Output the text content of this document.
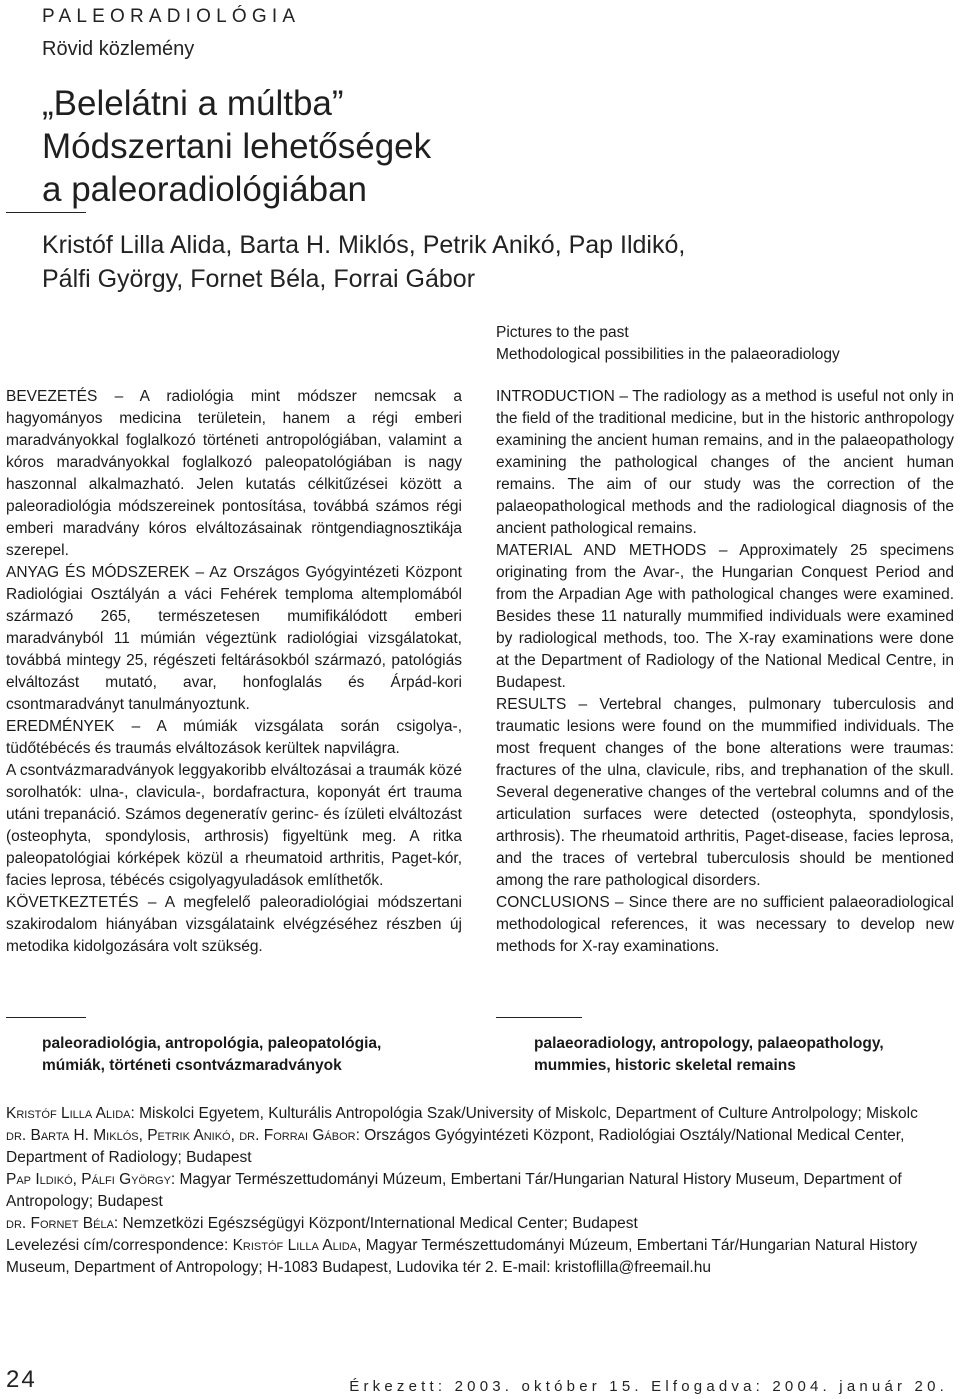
PALEORADIOLÓGIA
Rövid közlemény
„Belelátni a múltba”
Módszertani lehetőségek
a paleoradiológiában
Kristóf Lilla Alida, Barta H. Miklós, Petrik Anikó, Pap Ildikó,
Pálfi György, Fornet Béla, Forrai Gábor
Pictures to the past
Methodological possibilities in the palaeoradiology

BEVEZETÉS – A radiológia mint módszer nemcsak a hagyományos medicina területein, hanem a régi emberi maradványokkal foglalkozó történeti antropológiában, valamint a kóros maradványokkal foglalkozó paleopatológiában is nagy haszonnal alkalmazható. Jelen kutatás célkitűzései között a paleoradiológia módszereinek pontosítása, továbbá számos régi emberi maradvány kóros elváltozásainak röntgendiagnosztikája szerepel.

ANYAG ÉS MÓDSZEREK – Az Országos Gyógyintézeti Központ Radiológiai Osztályán a váci Fehérek temploma altemplomából származó 265, természetesen mumifikálódott emberi maradványból 11 múmián végeztünk radiológiai vizsgálatokat, továbbá mintegy 25, régészeti feltárásokból származó, patológiás elváltozást mutató, avar, honfoglalás és Árpád-kori csontmaradványt tanulmányoztunk.

EREDMÉNYEK – A múmiák vizsgálata során csigolya-, tüdőtébécés és traumás elváltozások kerültek napvilágra.

A csontvázmaradványok leggyakoribb elváltozásai a traumák közé sorolhatók: ulna-, clavicula-, bordafractura, koponyát ért trauma utáni trepanáció. Számos degeneratív gerinc- és ízületi elváltozást (osteophyta, spondylosis, arthrosis) figyeltünk meg. A ritka paleopatológiai kórképek közül a rheumatoid arthritis, Paget-kór, facies leprosa, tébécés csigolyagyuladások említhetők.

KÖVETKEZTETÉS – A megfelelő paleoradiológiai módszertani szakirodalom hiányában vizsgálataink elvégzéséhez részben új metodika kidolgozására volt szükség.

INTRODUCTION – The radiology as a method is useful not only in the field of the traditional medicine, but in the historic anthropology examining the ancient human remains, and in the palaeopathology examining the pathological changes of the ancient human remains. The aim of our study was the correction of the palaeopathological methods and the radiological diagnosis of the ancient pathological remains.

MATERIAL AND METHODS – Approximately 25 specimens originating from the Avar-, the Hungarian Conquest Period and from the Arpadian Age with pathological changes were examined. Besides these 11 naturally mummified individuals were examined by radiological methods, too. The X-ray examinations were done at the Department of Radiology of the National Medical Centre, in Budapest.

RESULTS – Vertebral changes, pulmonary tuberculosis and traumatic lesions were found on the mummified individuals. The most frequent changes of the bone alterations were traumas: fractures of the ulna, clavicule, ribs, and trephanation of the skull. Several degenerative changes of the vertebral columns and of the articulation surfaces were detected (osteophyta, spondylosis, arthrosis). The rheumatoid arthritis, Paget-disease, facies leprosa, and the traces of vertebral tuberculosis should be mentioned among the rare pathological disorders.

CONCLUSIONS – Since there are no sufficient palaeoradiological methodological references, it was necessary to develop new methods for X-ray examinations.

paleoradiológia, antropológia, paleopatológia,
múmiák, történeti csontvázmaradványok
palaeoradiology, antropology, palaeopathology,
mummies, historic skeletal remains

Kristóf Lilla Alida: Miskolci Egyetem, Kulturális Antropológia Szak/University of Miskolc, Department of Culture Antrolpology; Miskolc

dr. Barta H. Miklós, Petrik Anikó, dr. Forrai Gábor: Országos Gyógyintézeti Központ, Radiológiai Osztály/National Medical Center, Department of Radiology; Budapest

Pap Ildikó, Pálfi György: Magyar Természettudományi Múzeum, Embertani Tár/Hungarian Natural History Museum, Department of Antropology; Budapest

dr. Fornet Béla: Nemzetközi Egészségügyi Központ/International Medical Center; Budapest

Levelezési cím/correspondence: Kristóf Lilla Alida, Magyar Természettudományi Múzeum, Embertani Tár/Hungarian Natural History Museum, Department of Antropology; H-1083 Budapest, Ludovika tér 2. E-mail: kristoflilla@freemail.hu

24	Érkezett: 2003. október 15. Elfogadva: 2004. január 20.
